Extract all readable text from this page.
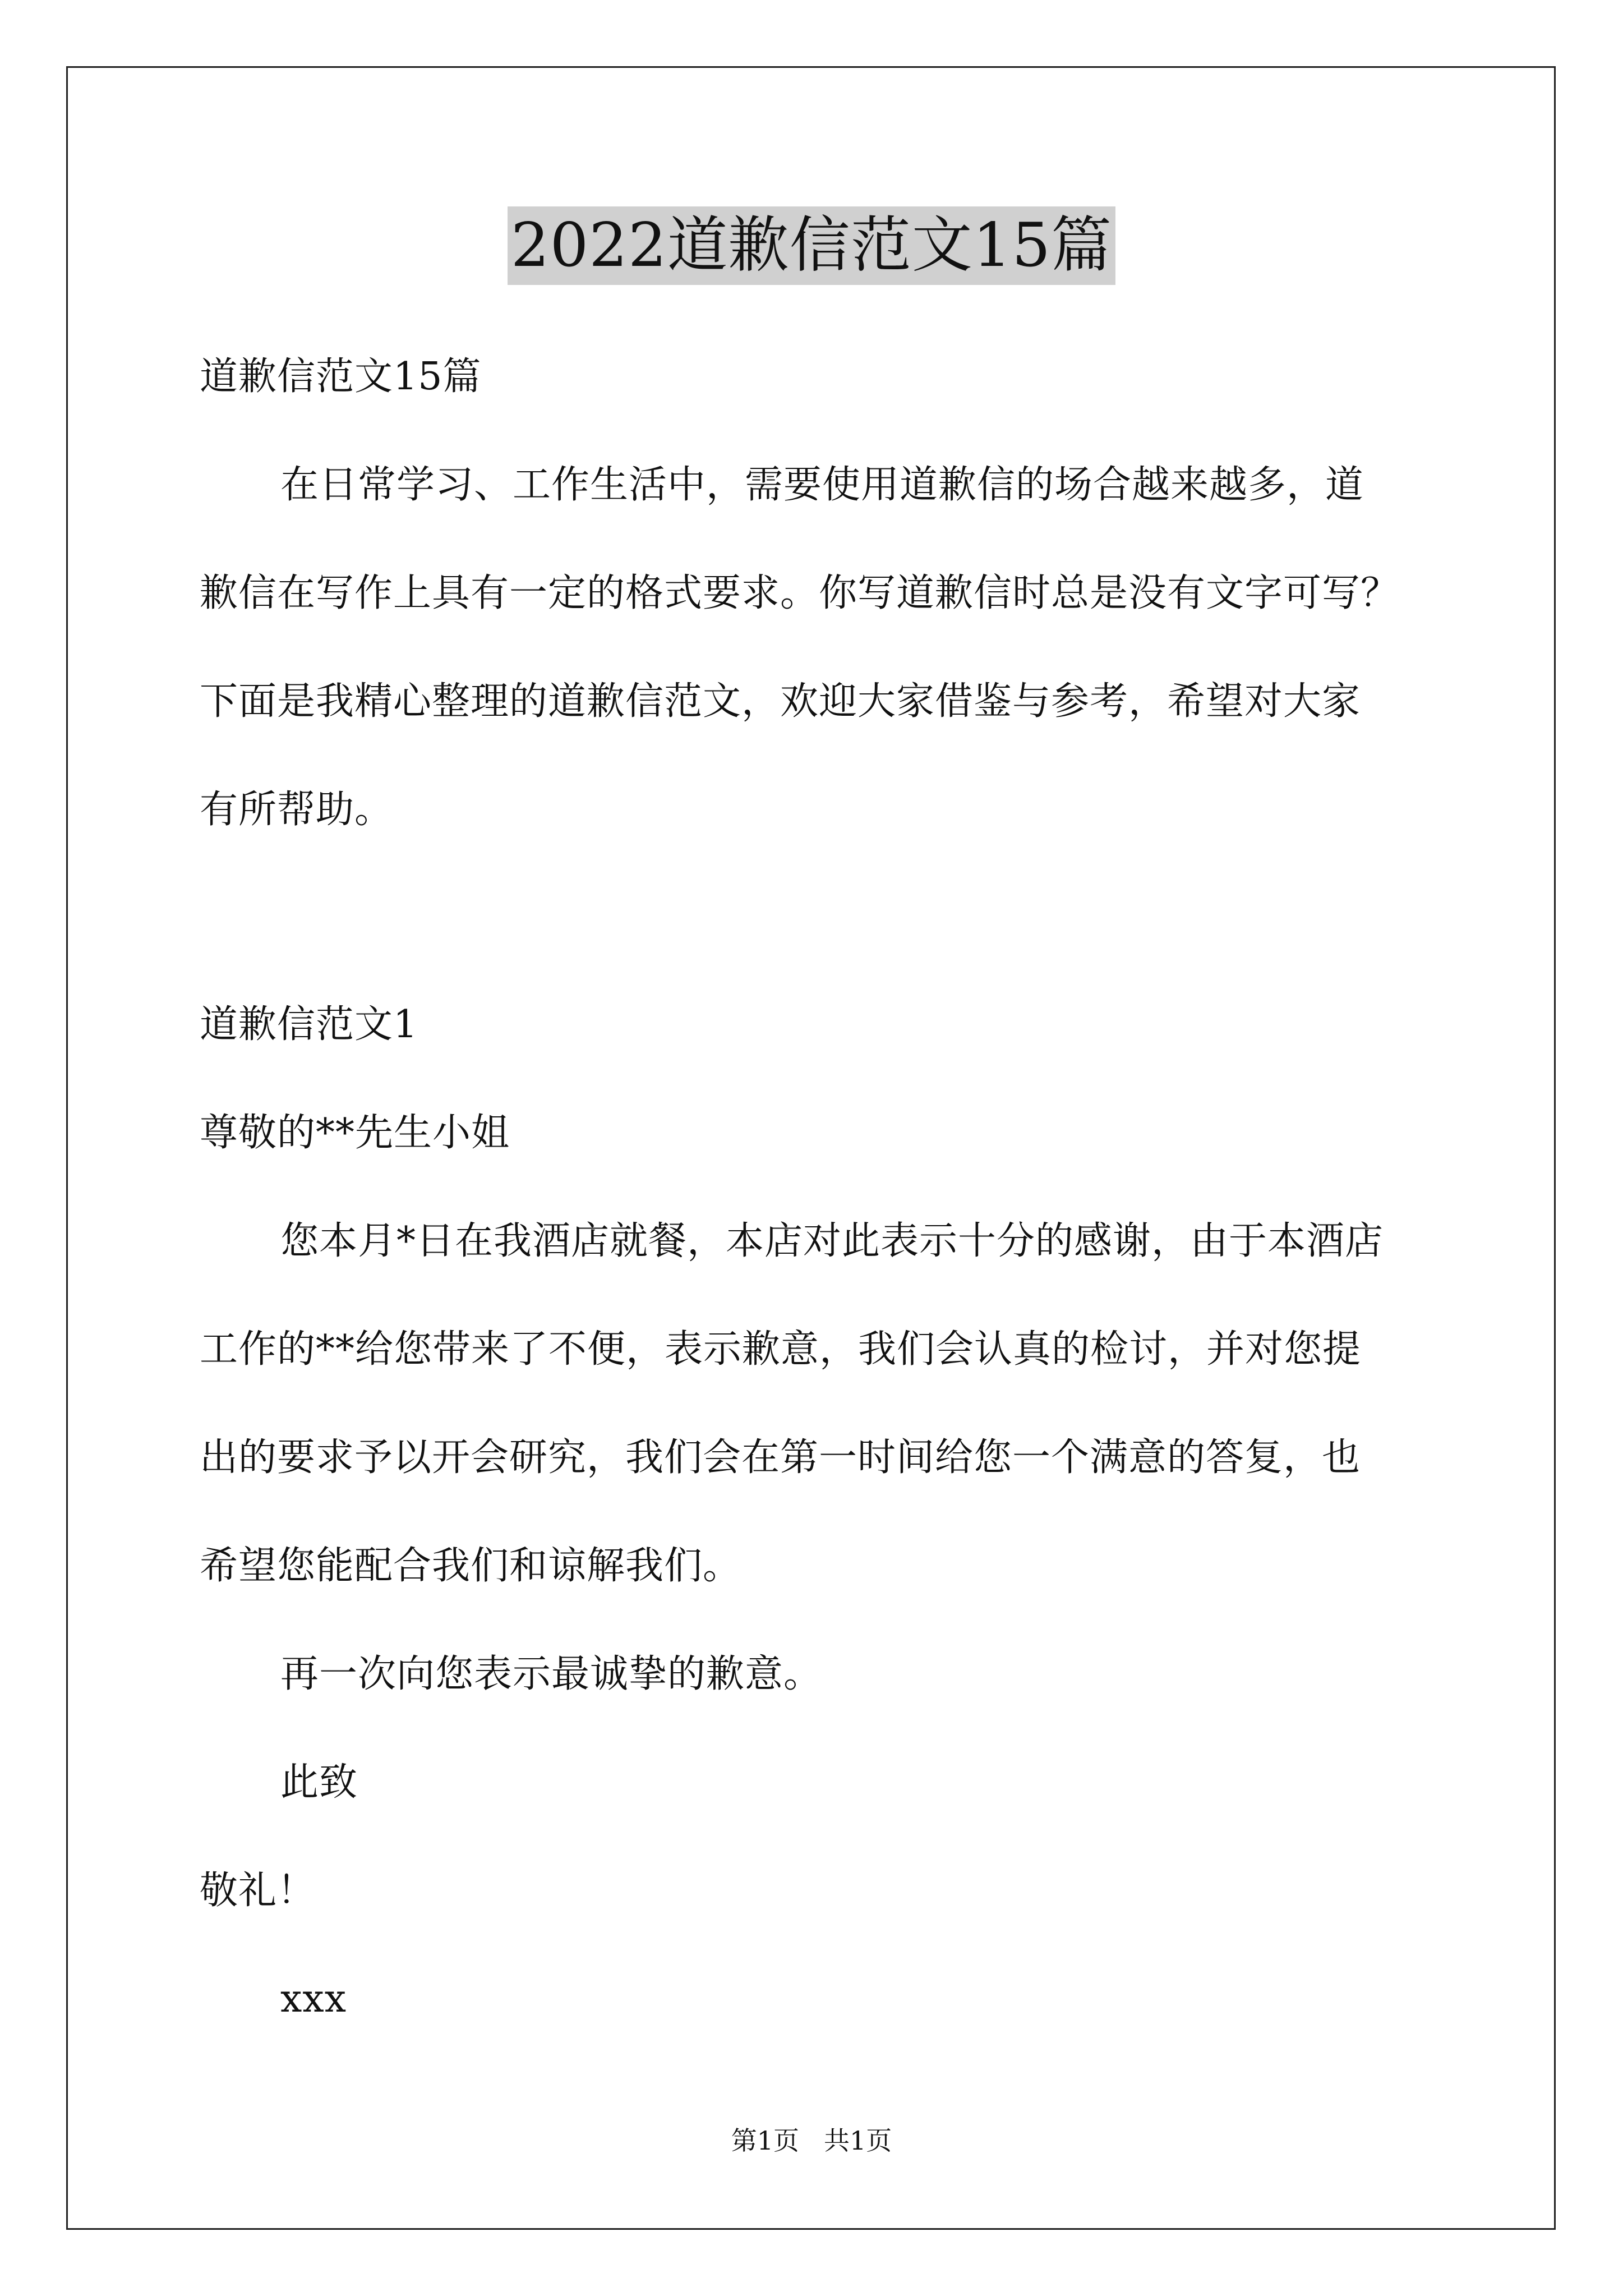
2022道歉信范文15篇
道歉信范文15篇
在日常学习、工作生活中，需要使用道歉信的场合越来越多，道
歉信在写作上具有一定的格式要求。你写道歉信时总是没有文字可写？
下面是我精心整理的道歉信范文，欢迎大家借鉴与参考，希望对大家
有所帮助。
道歉信范文1
尊敬的**先生小姐
您本月*日在我酒店就餐，本店对此表示十分的感谢，由于本酒店
工作的**给您带来了不便，表示歉意，我们会认真的检讨，并对您提
出的要求予以开会研究，我们会在第一时间给您一个满意的答复，也
希望您能配合我们和谅解我们。
再一次向您表示最诚挚的歉意。
此致
敬礼！
xxx
第1页 共1页
